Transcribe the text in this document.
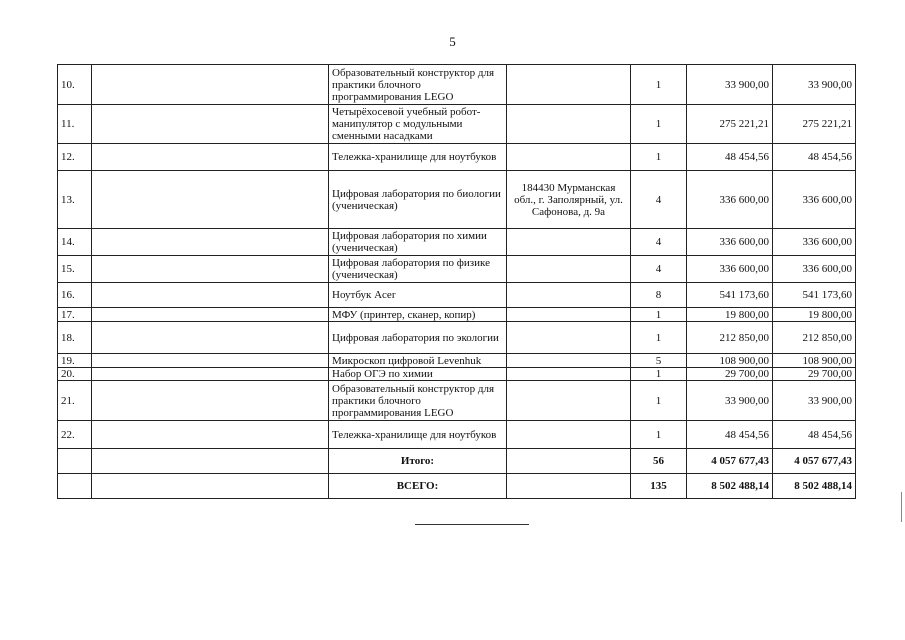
5
10.		Образовательный конструктор для практики блочного программирования LEGO		1	33 900,00	33 900,00
11.		Четырёхосевой учебный робот-манипулятор с модульными сменными насадками		1	275 221,21	275 221,21
12.		Тележка-хранилище для ноутбуков		1	48 454,56	48 454,56
13.		Цифровая лаборатория по биологии (ученическая)	184430 Мурманская обл., г. Заполярный, ул. Сафонова, д. 9а	4	336 600,00	336 600,00
14.		Цифровая лаборатория по химии (ученическая)		4	336 600,00	336 600,00
15.		Цифровая лаборатория по физике (ученическая)		4	336 600,00	336 600,00
16.		Ноутбук Acer		8	541 173,60	541 173,60
17.		МФУ (принтер, сканер, копир)		1	19 800,00	19 800,00
18.		Цифровая лаборатория по экологии		1	212 850,00	212 850,00
19.		Микроскоп цифровой Levenhuk		5	108 900,00	108 900,00
20.		Набор ОГЭ по химии		1	29 700,00	29 700,00
21.		Образовательный конструктор для практики блочного программирования LEGO		1	33 900,00	33 900,00
22.		Тележка-хранилище для ноутбуков		1	48 454,56	48 454,56
		Итого:		56	4 057 677,43	4 057 677,43
		ВСЕГО:		135	8 502 488,14	8 502 488,14
